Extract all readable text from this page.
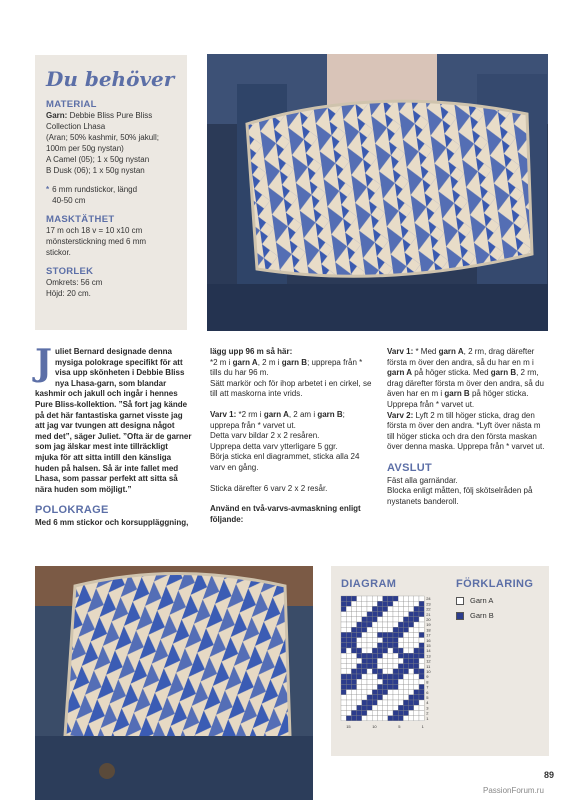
Du behöver
MATERIAL
Garn: Debbie Bliss Pure Bliss
Collection Lhasa
(Aran; 50% kashmir, 50% jakull;
100m per 50g nystan)
A Camel (05); 1 x 50g nystan
B Dusk (06); 1 x 50g nystan
* 6 mm rundstickor, längd
40-50 cm
MASKTÄTHET
17 m och 18 v = 10 x10 cm
mönsterstickning med 6 mm
stickor.
STORLEK
Omkrets: 56 cm
Höjd: 20 cm.

Juliet Bernard designade denna mysiga polokrage specifikt för att visa upp skönheten i Debbie Bliss nya Lhasa-garn, som blandar kashmir och jakull och ingår i hennes Pure Bliss-kollektion. ”Så fort jag kände på det här fantastiska garnet visste jag att jag var tvungen att designa något med det”, säger Juliet. ”Ofta är de garner som jag älskar mest inte tillräckligt mjuka för att sitta intill den känsliga huden på halsen. Så är inte fallet med Lhasa, som passar perfekt att sitta så nära huden som möjligt.”

POLOKRAGE

Med 6 mm stickor och korsuppläggning,

lägg upp 96 m så här:
*2 m i garn A, 2 m i garn B; upprepa från * tills du har 96 m.
Sätt markör och för ihop arbetet i en cirkel, se till att maskorna inte vrids.

Varv 1: *2 rm i garn A, 2 am i garn B; upprepa från * varvet ut.
Detta varv bildar 2 x 2 resåren.
Upprepa detta varv ytterligare 5 ggr.
Börja sticka enl diagrammet, sticka alla 24 varv en gång.

Sticka därefter 6 varv 2 x 2 resår.

Använd en två-varvs-avmaskning enligt följande:

Varv 1: * Med garn A, 2 rm, drag därefter första m över den andra, så du har en m i garn A på höger sticka. Med garn B, 2 rm, drag därefter första m över den andra, så du även har en m i garn B på höger sticka. Upprepa från * varvet ut.
Varv 2: Lyft 2 m till höger sticka, drag den första m över den andra. *Lyft över nästa m till höger sticka och dra den första maskan över denna maska. Upprepa från * varvet ut.

AVSLUT

Fäst alla garnändar.
Blocka enligt måtten, följ skötselråden på nystanets banderoll.

DIAGRAM
24
23
22
21
20
19
18
17
16
15
14
13
12
11
10
9
8
7
6
5
4
3
2
1
15	10	5	1
FÖRKLARING
Garn A
Garn B
89
PassionForum.ru
